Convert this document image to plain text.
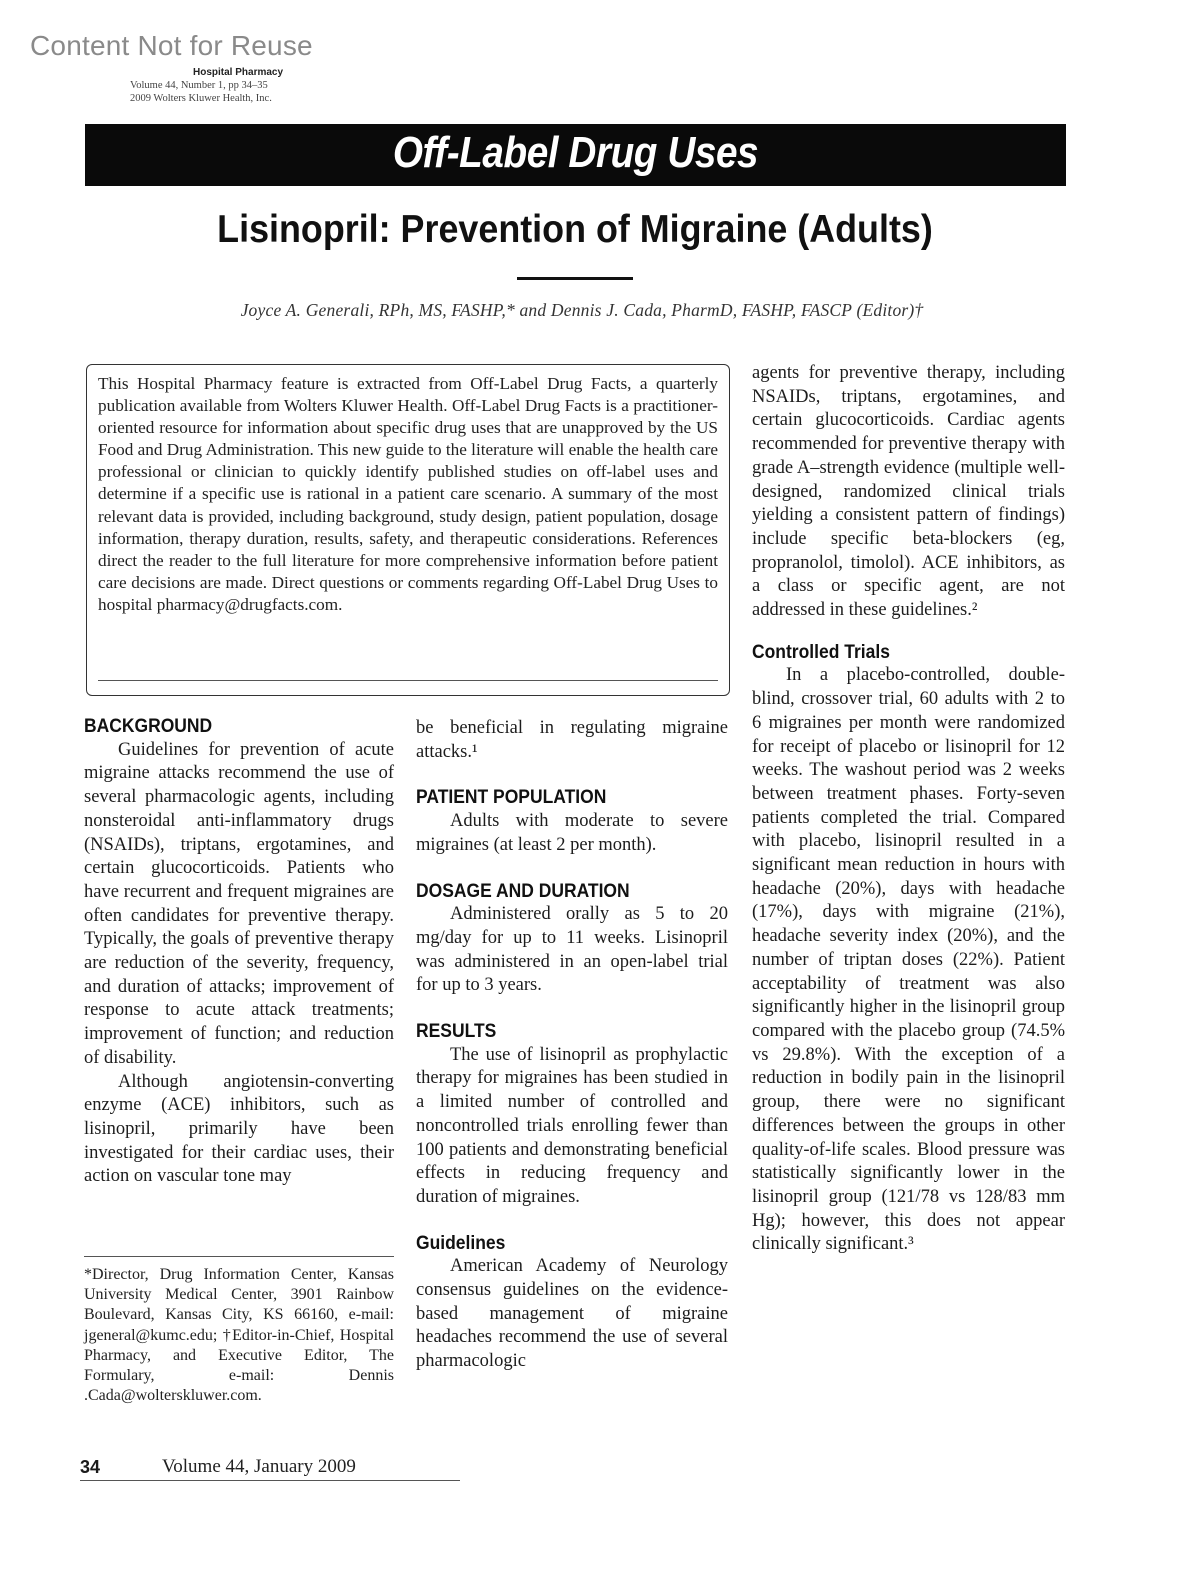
Content Not for Reuse
Hospital Pharmacy
Volume 44, Number 1, pp 34–35
2009 Wolters Kluwer Health, Inc.
Off-Label Drug Uses
Lisinopril: Prevention of Migraine (Adults)
Joyce A. Generali, RPh, MS, FASHP,* and Dennis J. Cada, PharmD, FASHP, FASCP (Editor)†
This Hospital Pharmacy feature is extracted from Off-Label Drug Facts, a quarterly publication available from Wolters Kluwer Health. Off-Label Drug Facts is a practitioner-oriented resource for information about specific drug uses that are unapproved by the US Food and Drug Administration. This new guide to the literature will enable the health care professional or clinician to quickly identify published studies on off-label uses and determine if a specific use is rational in a patient care scenario. A summary of the most relevant data is provided, including background, study design, patient population, dosage information, therapy duration, results, safety, and therapeutic considerations. References direct the reader to the full literature for more comprehensive information before patient care decisions are made. Direct questions or comments regarding Off-Label Drug Uses to hospital pharmacy@drugfacts.com.
BACKGROUND

Guidelines for prevention of acute migraine attacks recommend the use of several pharmacologic agents, including nonsteroidal anti-inflammatory drugs (NSAIDs), triptans, ergotamines, and certain glucocorticoids. Patients who have recurrent and frequent migraines are often candidates for preventive therapy. Typically, the goals of preventive therapy are reduction of the severity, frequency, and duration of attacks; improvement of response to acute attack treatments; improvement of function; and reduction of disability.

Although angiotensin-converting enzyme (ACE) inhibitors, such as lisinopril, primarily have been investigated for their cardiac uses, their action on vascular tone may

*Director, Drug Information Center, Kansas University Medical Center, 3901 Rainbow Boulevard, Kansas City, KS 66160, e-mail: jgeneral@kumc.edu; †Editor-in-Chief, Hospital Pharmacy, and Executive Editor, The Formulary, e-mail: Dennis .Cada@wolterskluwer.com.

be beneficial in regulating migraine attacks.¹

PATIENT POPULATION

Adults with moderate to severe migraines (at least 2 per month).

DOSAGE AND DURATION

Administered orally as 5 to 20 mg/day for up to 11 weeks. Lisinopril was administered in an open-label trial for up to 3 years.

RESULTS

The use of lisinopril as prophylactic therapy for migraines has been studied in a limited number of controlled and noncontrolled trials enrolling fewer than 100 patients and demonstrating beneficial effects in reducing frequency and duration of migraines.

Guidelines

American Academy of Neurology consensus guidelines on the evidence-based management of migraine headaches recommend the use of several pharmacologic

agents for preventive therapy, including NSAIDs, triptans, ergotamines, and certain glucocorticoids. Cardiac agents recommended for preventive therapy with grade A–strength evidence (multiple well-designed, randomized clinical trials yielding a consistent pattern of findings) include specific beta-blockers (eg, propranolol, timolol). ACE inhibitors, as a class or specific agent, are not addressed in these guidelines.²

Controlled Trials

In a placebo-controlled, double-blind, crossover trial, 60 adults with 2 to 6 migraines per month were randomized for receipt of placebo or lisinopril for 12 weeks. The washout period was 2 weeks between treatment phases. Forty-seven patients completed the trial. Compared with placebo, lisinopril resulted in a significant mean reduction in hours with headache (20%), days with headache (17%), days with migraine (21%), headache severity index (20%), and the number of triptan doses (22%). Patient acceptability of treatment was also significantly higher in the lisinopril group compared with the placebo group (74.5% vs 29.8%). With the exception of a reduction in bodily pain in the lisinopril group, there were no significant differences between the groups in other quality-of-life scales. Blood pressure was statistically significantly lower in the lisinopril group (121/78 vs 128/83 mm Hg); however, this does not appear clinically significant.³

34	Volume 44, January 2009
